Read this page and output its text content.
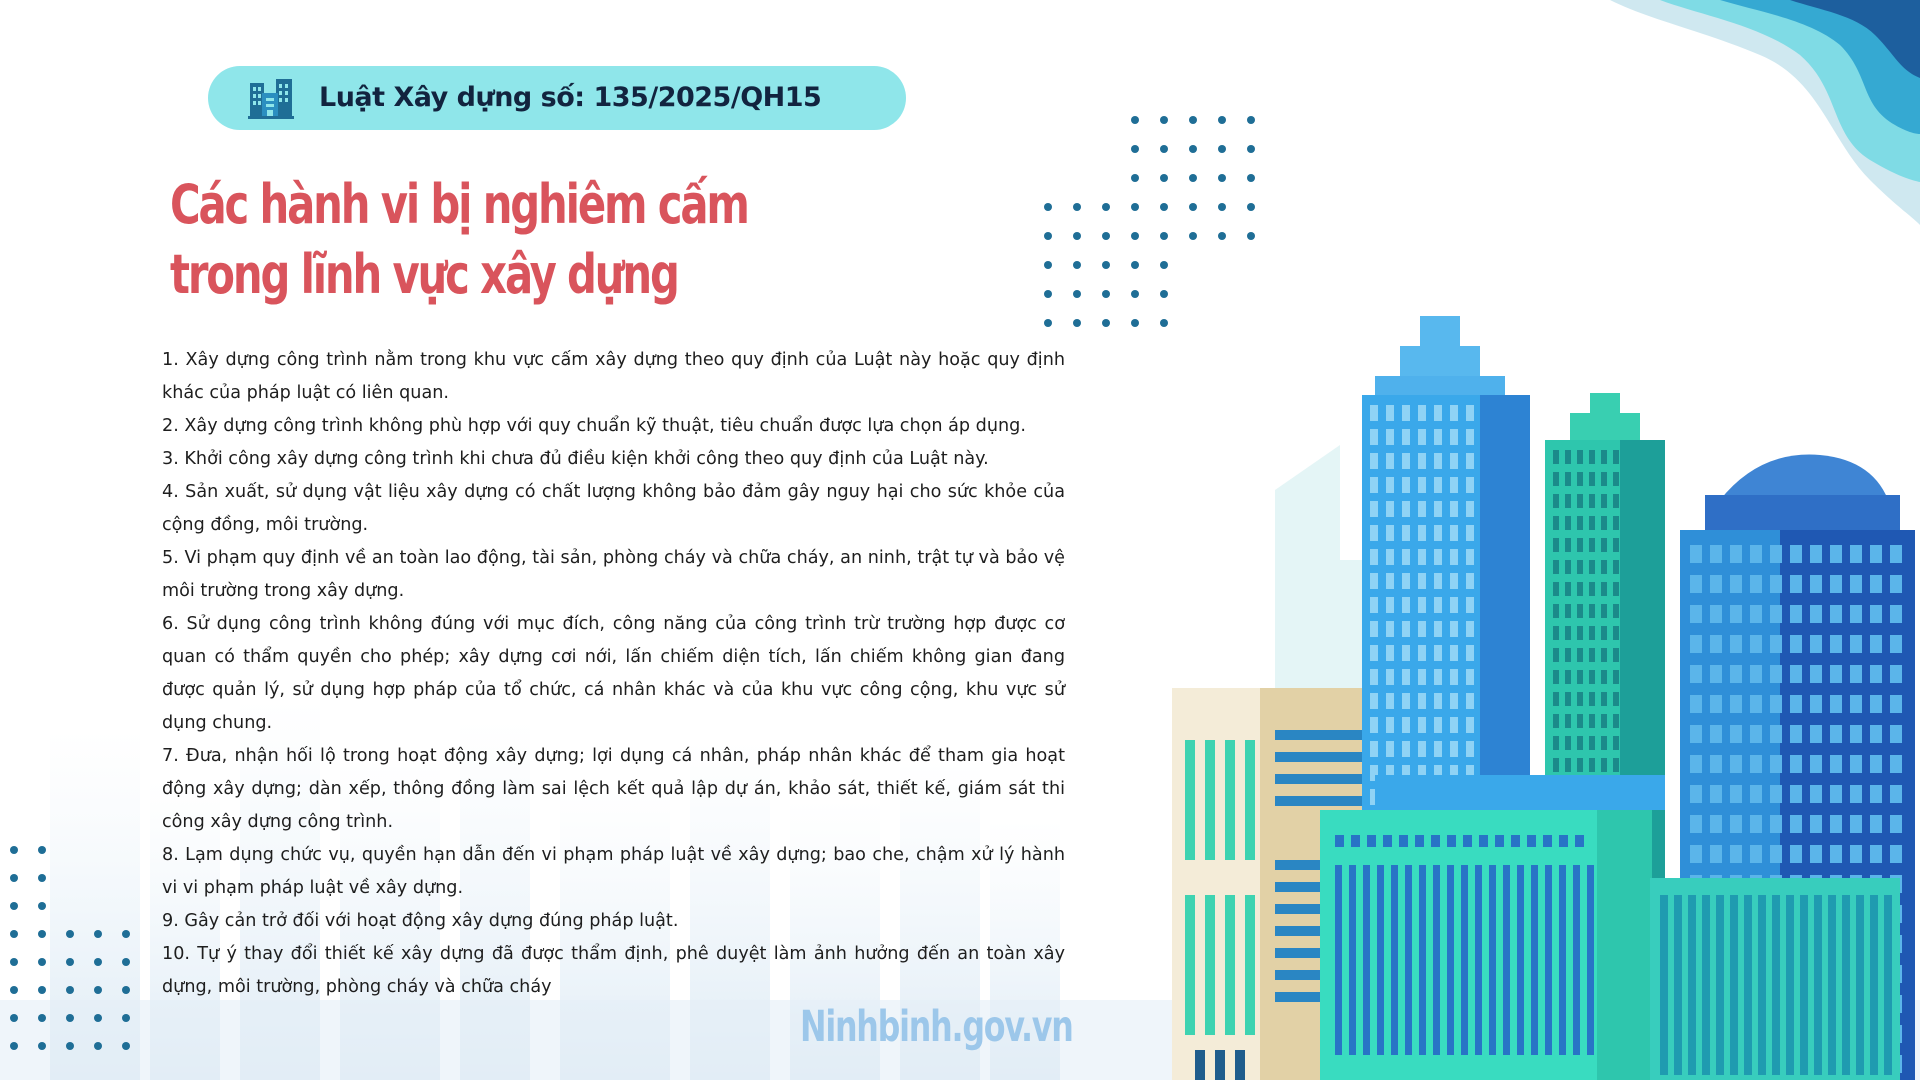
Luật Xây dựng số: 135/2025/QH15
Các hành vi bị nghiêm cấm
trong lĩnh vực xây dựng

1. Xây dựng công trình nằm trong khu vực cấm xây dựng theo quy định của Luật này hoặc quy định khác của pháp luật có liên quan.

2. Xây dựng công trình không phù hợp với quy chuẩn kỹ thuật, tiêu chuẩn được lựa chọn áp dụng.

3. Khởi công xây dựng công trình khi chưa đủ điều kiện khởi công theo quy định của Luật này.

4. Sản xuất, sử dụng vật liệu xây dựng có chất lượng không bảo đảm gây nguy hại cho sức khỏe của cộng đồng, môi trường.

5. Vi phạm quy định về an toàn lao động, tài sản, phòng cháy và chữa cháy, an ninh, trật tự và bảo vệ môi trường trong xây dựng.

6. Sử dụng công trình không đúng với mục đích, công năng của công trình trừ trường hợp được cơ quan có thẩm quyền cho phép; xây dựng cơi nới, lấn chiếm diện tích, lấn chiếm không gian đang được quản lý, sử dụng hợp pháp của tổ chức, cá nhân khác và của khu vực công cộng, khu vực sử dụng chung.

7. Đưa, nhận hối lộ trong hoạt động xây dựng; lợi dụng cá nhân, pháp nhân khác để tham gia hoạt động xây dựng; dàn xếp, thông đồng làm sai lệch kết quả lập dự án, khảo sát, thiết kế, giám sát thi công xây dựng công trình.

8. Lạm dụng chức vụ, quyền hạn dẫn đến vi phạm pháp luật về xây dựng; bao che, chậm xử lý hành vi vi phạm pháp luật về xây dựng.

9. Gây cản trở đối với hoạt động xây dựng đúng pháp luật.

10. Tự ý thay đổi thiết kế xây dựng đã được thẩm định, phê duyệt làm ảnh hưởng đến an toàn xây dựng, môi trường, phòng cháy và chữa cháy

Ninhbinh.gov.vn
